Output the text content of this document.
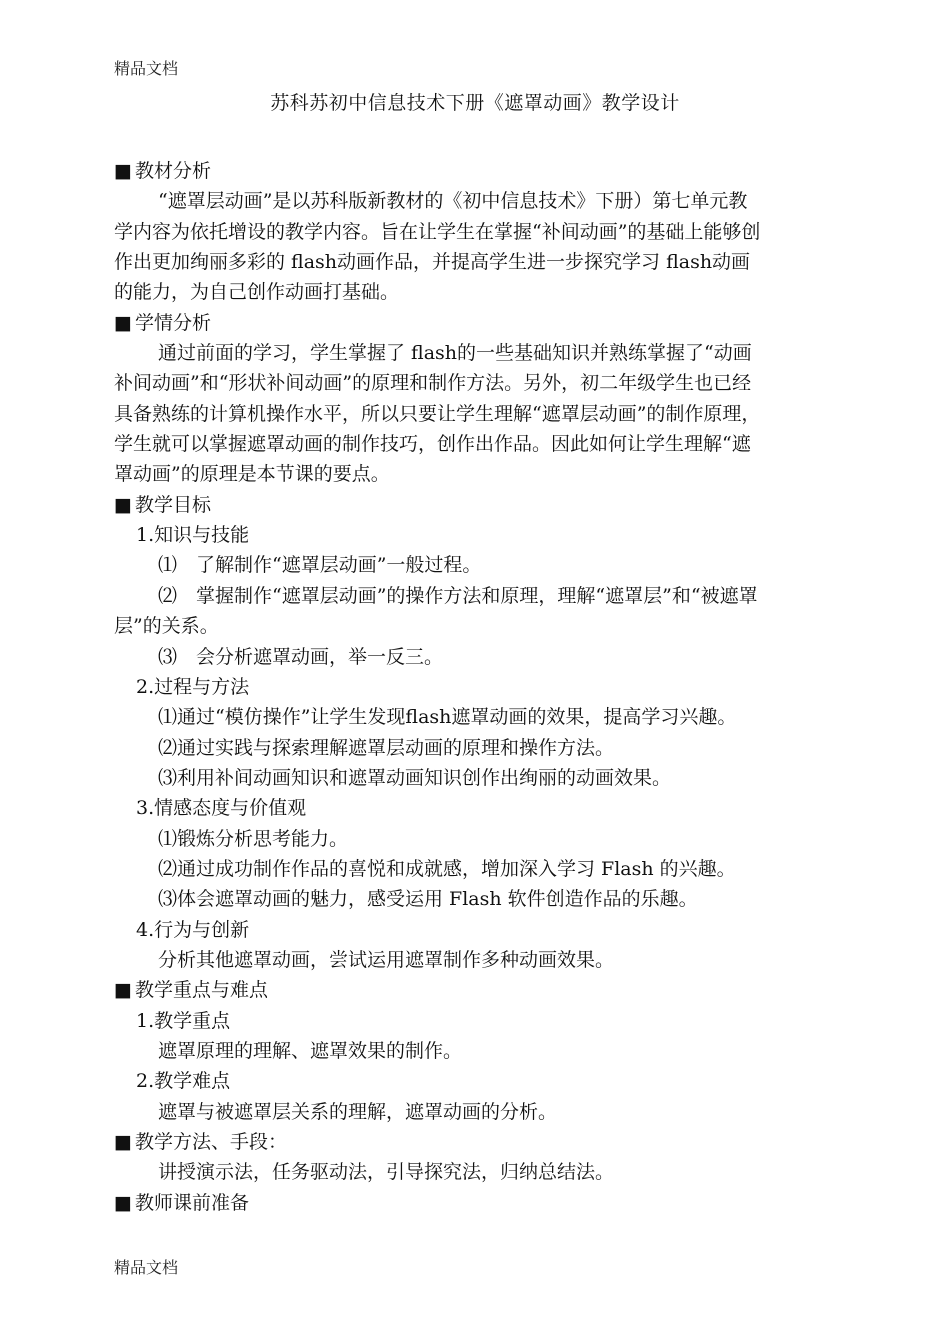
精品文档
苏科苏初中信息技术下册《遮罩动画》教学设计
■ 教材分析
“遮罩层动画”是以苏科版新教材的《初中信息技术》下册）第七单元教
学内容为依托增设的教学内容。旨在让学生在掌握“补间动画”的基础上能够创
作出更加绚丽多彩的 flash动画作品，并提高学生进一步探究学习 flash动画
的能力，为自己创作动画打基础。
■ 学情分析
通过前面的学习，学生掌握了 flash的一些基础知识并熟练掌握了“动画
补间动画”和“形状补间动画”的原理和制作方法。另外，初二年级学生也已经
具备熟练的计算机操作水平，所以只要让学生理解“遮罩层动画”的制作原理，
学生就可以掌握遮罩动画的制作技巧，创作出作品。因此如何让学生理解“遮
罩动画”的原理是本节课的要点。
■ 教学目标
1.知识与技能
⑴　了解制作“遮罩层动画”一般过程。
⑵　掌握制作“遮罩层动画”的操作方法和原理，理解“遮罩层”和“被遮罩
层”的关系。
⑶　会分析遮罩动画，举一反三。
2.过程与方法
⑴通过“模仿操作”让学生发现flash遮罩动画的效果，提高学习兴趣。
⑵通过实践与探索理解遮罩层动画的原理和操作方法。
⑶利用补间动画知识和遮罩动画知识创作出绚丽的动画效果。
3.情感态度与价值观
⑴锻炼分析思考能力。
⑵通过成功制作作品的喜悦和成就感，增加深入学习 Flash 的兴趣。
⑶体会遮罩动画的魅力，感受运用 Flash 软件创造作品的乐趣。
4.行为与创新
分析其他遮罩动画，尝试运用遮罩制作多种动画效果。
■ 教学重点与难点
1.教学重点
遮罩原理的理解、遮罩效果的制作。
2.教学难点
遮罩与被遮罩层关系的理解，遮罩动画的分析。
■ 教学方法、手段：
讲授演示法，任务驱动法，引导探究法，归纳总结法。
■ 教师课前准备
精品文档
